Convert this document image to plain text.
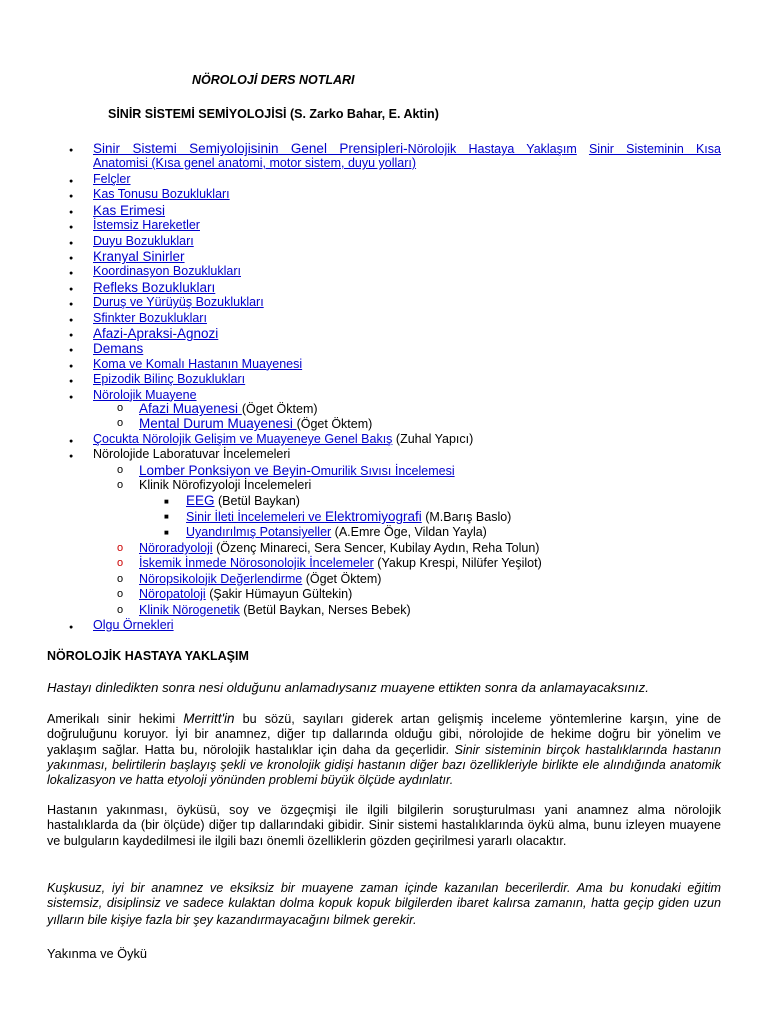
NÖROLOJİ DERS NOTLARI
SİNİR SİSTEMİ SEMİYOLOJİSİ (S. Zarko Bahar, E. Aktin)
●
Sinir Sistemi Semiyolojisinin Genel Prensipleri-Nörolojik Hastaya Yaklaşım Sinir Sisteminin Kısa
Anatomisi (Kısa genel anatomi, motor sistem, duyu yolları)
●
Felçler
●
Kas Tonusu Bozuklukları
●
Kas Erimesi
●
İstemsiz Hareketler
●
Duyu Bozuklukları
●
Kranyal Sinirler
●
Koordinasyon Bozuklukları
●
Refleks Bozuklukları
●
Duruş ve Yürüyüş Bozuklukları
●
Sfinkter Bozuklukları
●
Afazi-Apraksi-Agnozi
●
Demans
●
Koma ve Komalı Hastanın Muayenesi
●
Epizodik Bilinç Bozuklukları
●
Nörolojik Muayene
o
Afazi Muayenesi (Öget Öktem)
o
Mental Durum Muayenesi (Öget Öktem)
●
Çocukta Nörolojik Gelişim ve Muayeneye Genel Bakış (Zuhal Yapıcı)
●
Nörolojide Laboratuvar İncelemeleri
o
Lomber Ponksiyon ve Beyin-Omurilik Sıvısı İncelemesi
o
Klinik Nörofizyoloji İncelemeleri
■
EEG (Betül Baykan)
■
Sinir İleti İncelemeleri ve Elektromiyografi (M.Barış Baslo)
■
Uyandırılmış Potansiyeller (A.Emre Öge, Vildan Yayla)
o
Nöroradyoloji (Özenç Minareci, Sera Sencer, Kubilay Aydın, Reha Tolun)
o
İskemik İnmede Nörosonolojik İncelemeler (Yakup Krespi, Nilüfer Yeşilot)
o
Nöropsikolojik Değerlendirme (Öget Öktem)
o
Nöropatoloji (Şakir Hümayun Gültekin)
o
Klinik Nörogenetik (Betül Baykan, Nerses Bebek)
●
Olgu Örnekleri
NÖROLOJİK HASTAYA YAKLAŞIM
Hastayı dinledikten sonra nesi olduğunu anlamadıysanız muayene ettikten sonra da anlamayacaksınız.
Amerikalı sinir hekimi Merritt'in bu sözü, sayıları giderek artan gelişmiş inceleme yöntemlerine karşın, yine de doğruluğunu koruyor. İyi bir anamnez, diğer tıp dallarında olduğu gibi, nörolojide de hekime doğru bir yönelim ve yaklaşım sağlar. Hatta bu, nörolojik hastalıklar için daha da geçerlidir. Sinir sisteminin birçok hastalıklarında hastanın yakınması, belirtilerin başlayış şekli ve kronolojik gidişi hastanın diğer bazı özellikleriyle birlikte ele alındığında anatomik lokalizasyon ve hatta etyoloji yönünden problemi büyük ölçüde aydınlatır.
Hastanın yakınması, öyküsü, soy ve özgeçmişi ile ilgili bilgilerin soruşturulması yani anamnez alma nörolojik hastalıklarda da (bir ölçüde) diğer tıp dallarındaki gibidir. Sinir sistemi hastalıklarında öykü alma, bunu izleyen muayene ve bulguların kaydedilmesi ile ilgili bazı önemli özelliklerin gözden geçirilmesi yararlı olacaktır.
Kuşkusuz, iyi bir anamnez ve eksiksiz bir muayene zaman içinde kazanılan becerilerdir. Ama bu konudaki eğitim sistemsiz, disiplinsiz ve sadece kulaktan dolma kopuk kopuk bilgilerden ibaret kalırsa zamanın, hatta geçip giden uzun yılların bile kişiye fazla bir şey kazandırmayacağını bilmek gerekir.
Yakınma ve Öykü
